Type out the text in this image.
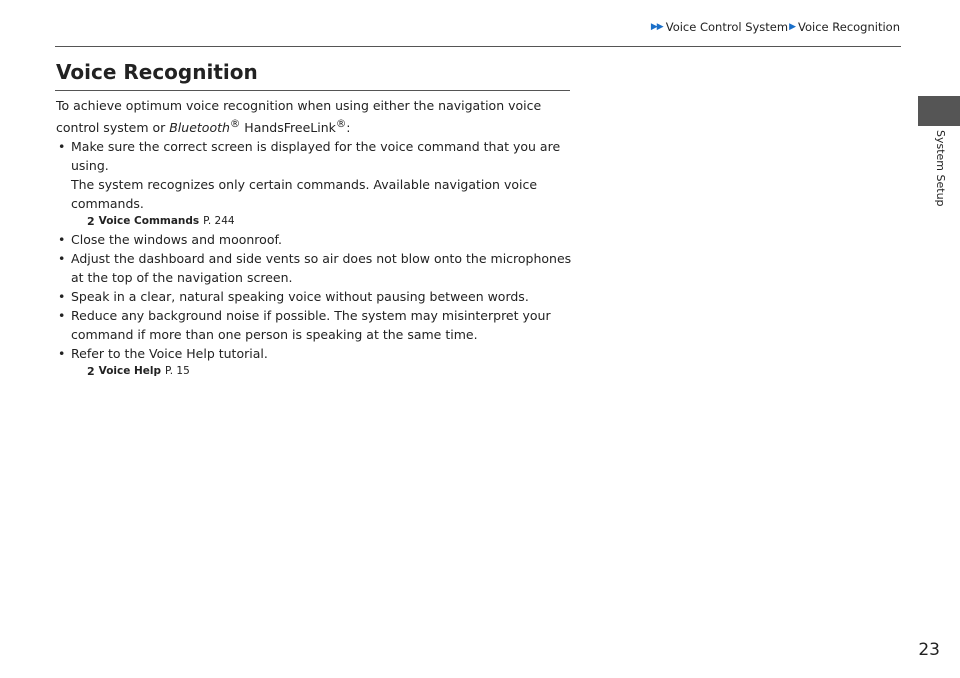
▶▶ Voice Control System ▶ Voice Recognition
Voice Recognition

To achieve optimum voice recognition when using either the navigation voice control system or Bluetooth® HandsFreeLink®:

• Make sure the correct screen is displayed for the voice command that you are using.
The system recognizes only certain commands. Available navigation voice commands.
2 Voice Commands P. 244
• Close the windows and moonroof.
• Adjust the dashboard and side vents so air does not blow onto the microphones at the top of the navigation screen.
• Speak in a clear, natural speaking voice without pausing between words.
• Reduce any background noise if possible. The system may misinterpret your command if more than one person is speaking at the same time.
• Refer to the Voice Help tutorial.
2 Voice Help P. 15
System Setup
23
